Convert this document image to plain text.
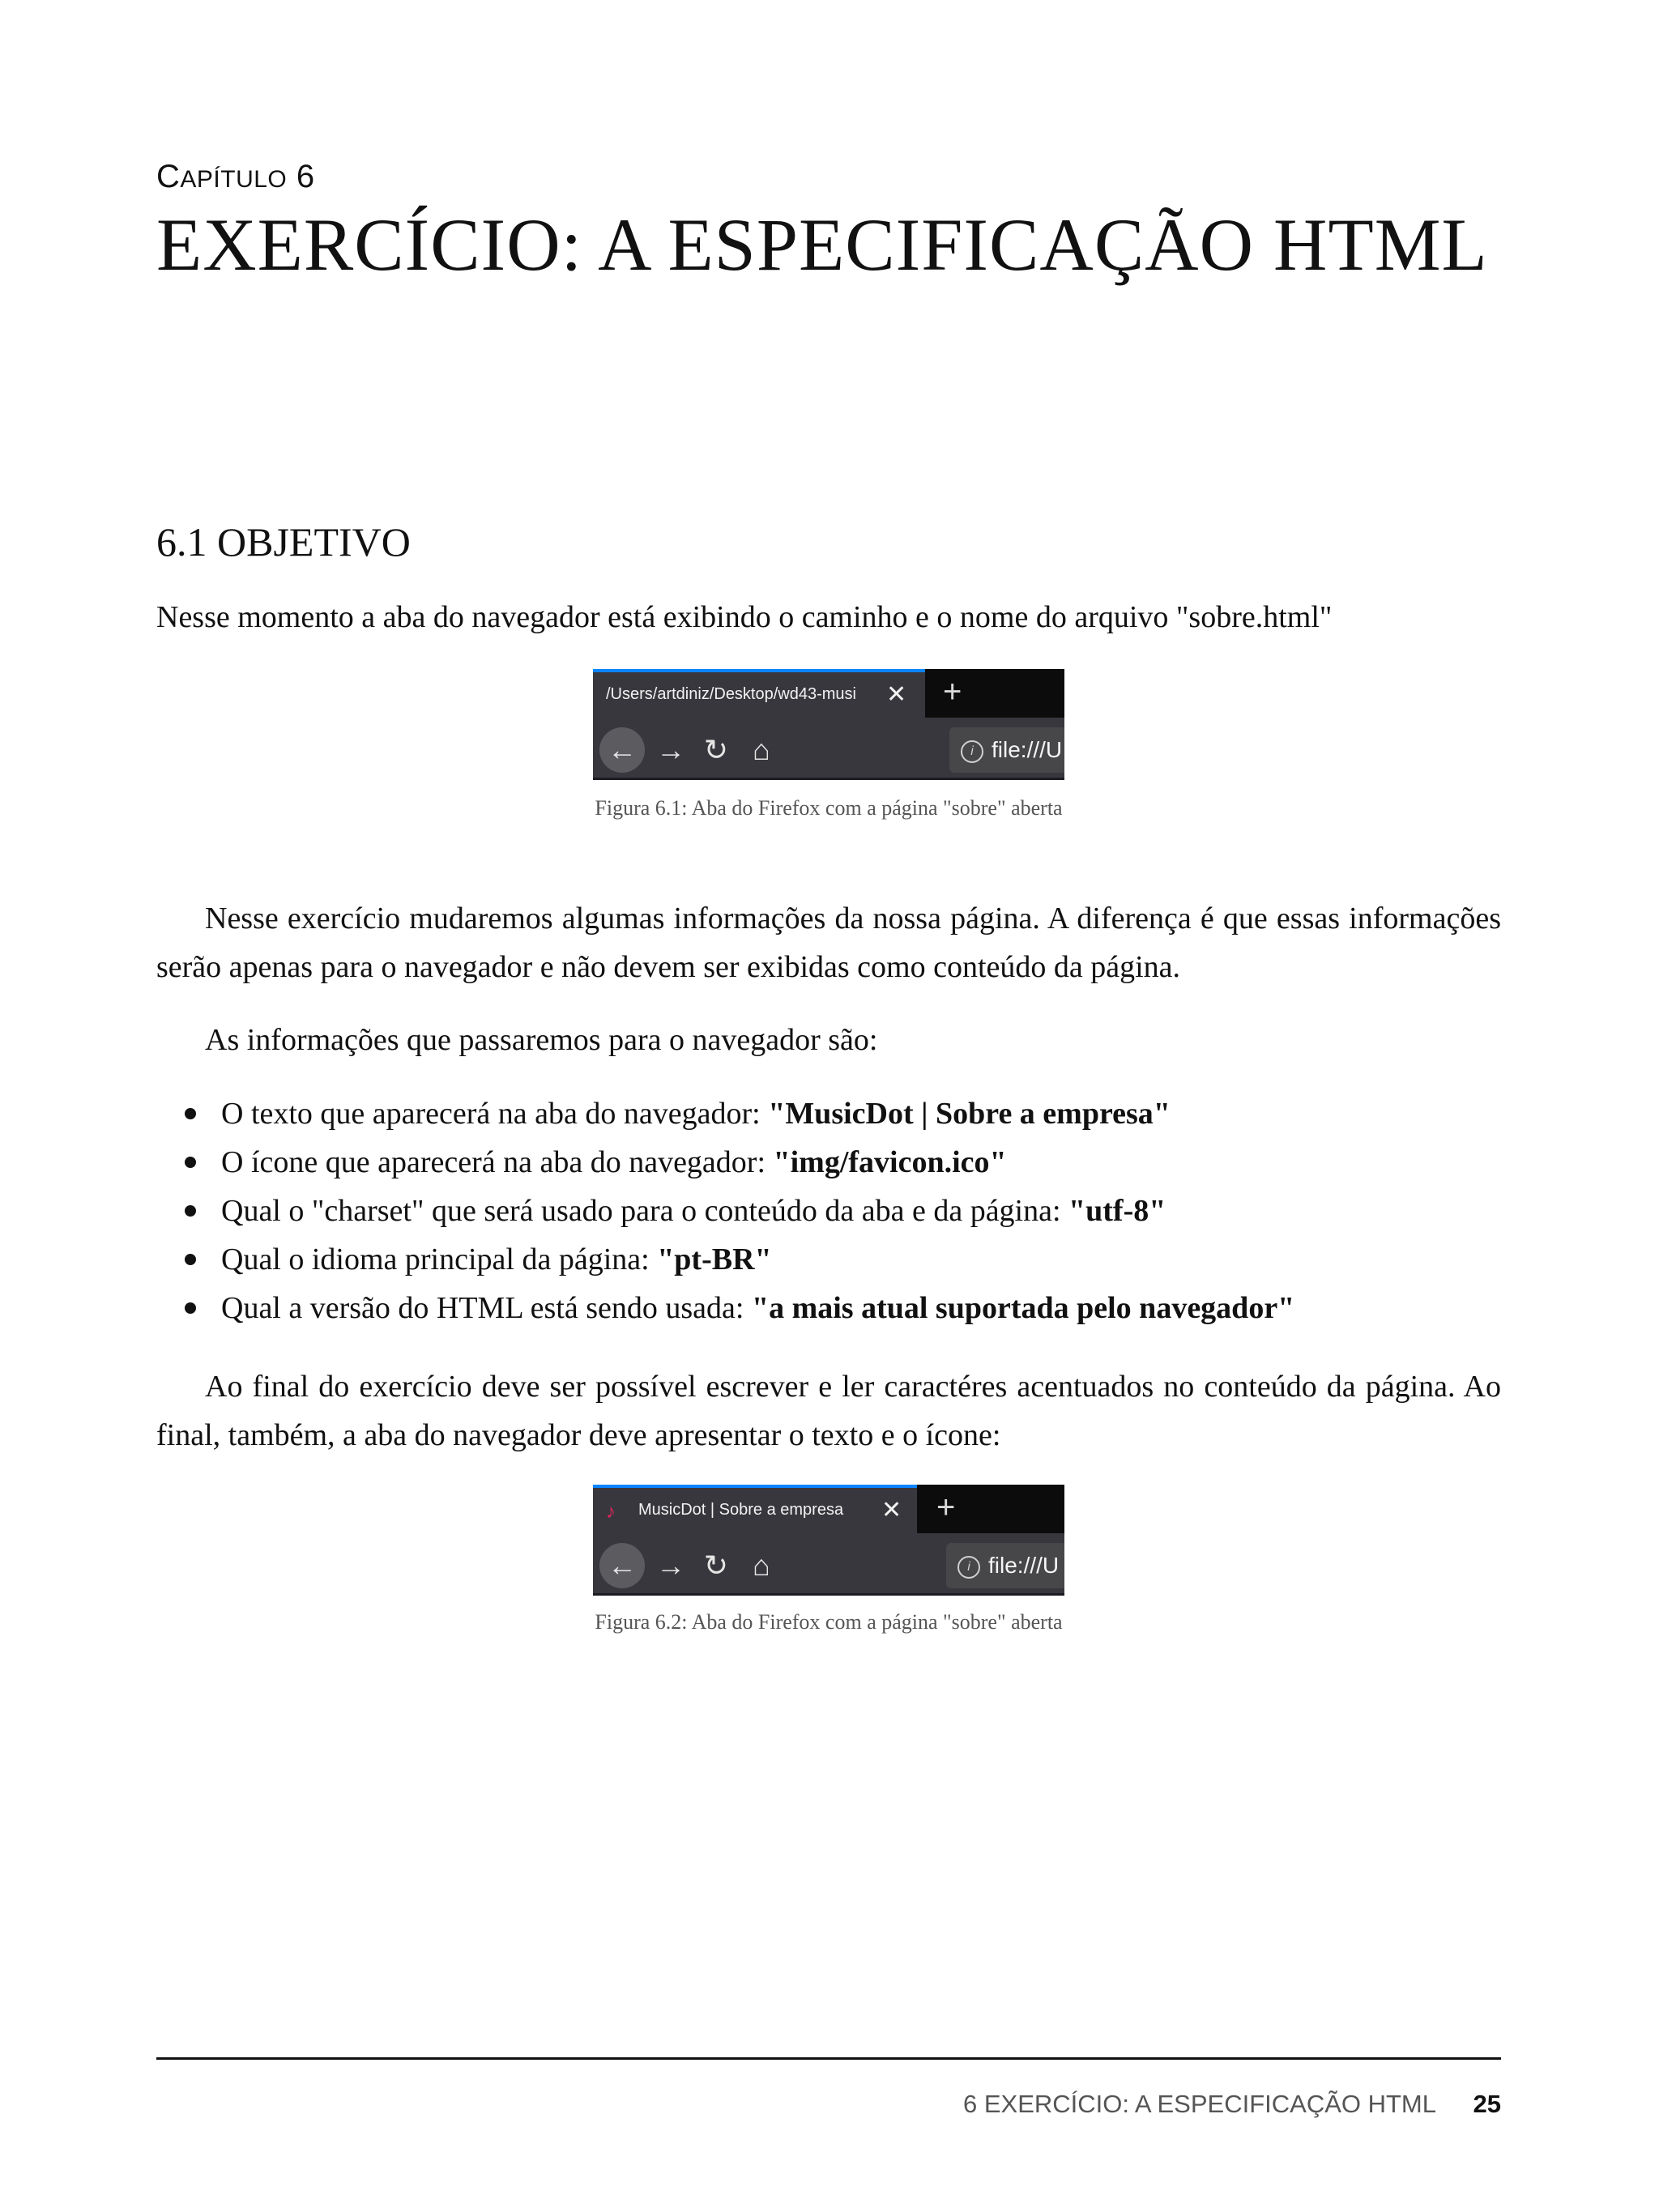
CAPÍTULO 6
EXERCÍCIO: A ESPECIFICAÇÃO HTML
6.1 OBJETIVO
Nesse momento a aba do navegador está exibindo o caminho e o nome do arquivo "sobre.html"
/Users/artdiniz/Desktop/wd43-musi	✕ +
← → ↻ ⌂	i file:///U
Figura 6.1: Aba do Firefox com a página "sobre" aberta
Nesse exercício mudaremos algumas informações da nossa página. A diferença é que essas informações serão apenas para o navegador e não devem ser exibidas como conteúdo da página.
As informações que passaremos para o navegador são:
O texto que aparecerá na aba do navegador: "MusicDot | Sobre a empresa"
O ícone que aparecerá na aba do navegador: "img/favicon.ico"
Qual o "charset" que será usado para o conteúdo da aba e da página: "utf-8"
Qual o idioma principal da página: "pt-BR"
Qual a versão do HTML está sendo usada: "a mais atual suportada pelo navegador"
Ao final do exercício deve ser possível escrever e ler caractéres acentuados no conteúdo da página. Ao final, também, a aba do navegador deve apresentar o texto e o ícone:
♪ MusicDot | Sobre a empresa	✕ +
← → ↻ ⌂	i file:///U
Figura 6.2: Aba do Firefox com a página "sobre" aberta
6 EXERCÍCIO: A ESPECIFICAÇÃO HTML 25
